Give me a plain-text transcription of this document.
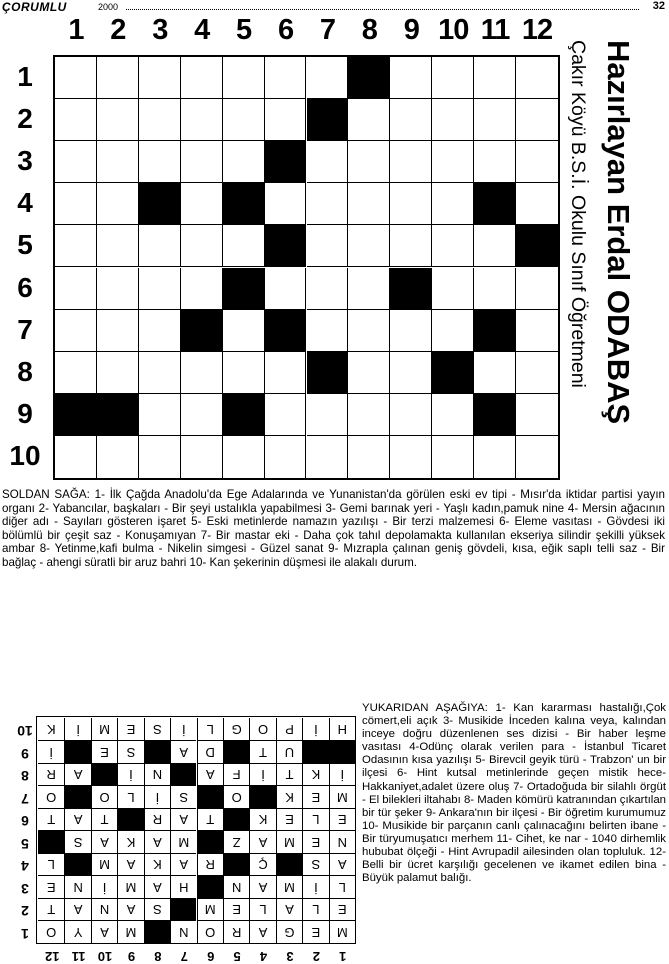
ÇORUMLU	2000	32
1 2 3 4 5 6 7 8 9 10 11 12
1
2
3
4
5
6
7
8
9
10
Hazırlayan Erdal ODABAŞ
Çakır Köyü B.S.İ. Okulu Sınıf Öğretmeni

SOLDAN SAĞA: 1- İlk Çağda Anadolu'da Ege Adalarında ve Yunanistan'da görülen eski ev tipi - Mısır'da iktidar partisi yayın organı 2- Yabancılar, başkaları - Bir şeyi ustalıkla yapabilmesi 3- Gemi barınak yeri - Yaşlı kadın,pamuk nine 4- Mersin ağacının diğer adı - Sayıları gösteren işaret 5- Eski metinlerde namazın yazılışı - Bir terzi malzemesi 6- Eleme vasıtası - Gövdesi iki bölümlü bir çeşit saz - Konuşamıyan 7- Bir mastar eki - Daha çok tahıl depolamakta kullanılan ekseriya silindir şekilli yüksek ambar 8- Yetinme,kafi bulma - Nikelin simgesi - Güzel sanat 9- Mızrapla çalınan geniş gövdeli, kısa, eğik saplı telli saz - Bir bağlaç - ahengi süratli bir aruz bahri 10- Kan şekerinin düşmesi ile alakalı durum.

1
2
3
4
5
6
7
8
9
10
11
12
M
E
G
A
R
O
N
M
A
Y
O
E
L
A
L
E
M
S
A
N
A
T
L
İ
M
A
N
H
A
M
İ
N
E
A
S
Ç
R
A
K
A
M
L
N
E
M
A
Z
M
A
K
A
S
E
L
E
K
T
A
R
T
A
T
M
E
K
O
S
İ
L
O
O
İ
K
T
İ
F
A
N
İ
A
R
U
T
D
A
S
E
İ
H
İ
P
O
G
L
İ
S
E
M
İ
K
1
2
3
4
5
6
7
8
9
10

YUKARIDAN AŞAĞIYA: 1- Kan kararması hastalığı,Çok cömert,eli açık 3- Musikide İnceden kalına veya, kalından inceye doğru düzenlenen ses dizisi - Bir haber leşme vasıtası 4-Odünç olarak verilen para - İstanbul Ticaret Odasının kısa yazılışı 5- Birevcil geyik türü - Trabzon' un bir ilçesi 6- Hint kutsal metinlerinde geçen mistik hece- Hakkaniyet,adalet üzere oluş 7- Ortadoğuda bir silahlı örgüt - El bilekleri iltahabı 8- Maden kömürü katranından çıkartılan bir tür şeker 9- Ankara'nın bir ilçesi - Bir öğretim kurumumuz 10- Musikide bir parçanın canlı çalınacağını belirten ibane - Bir türyumuşatıcı merhem 11- Cihet, ke nar - 1040 dirhemlik hububat ölçeği - Hint Avrupadil ailesinden olan topluluk. 12- Belli bir ücret karşılığı gecelenen ve ikamet edilen bina -Büyük palamut balığı.
